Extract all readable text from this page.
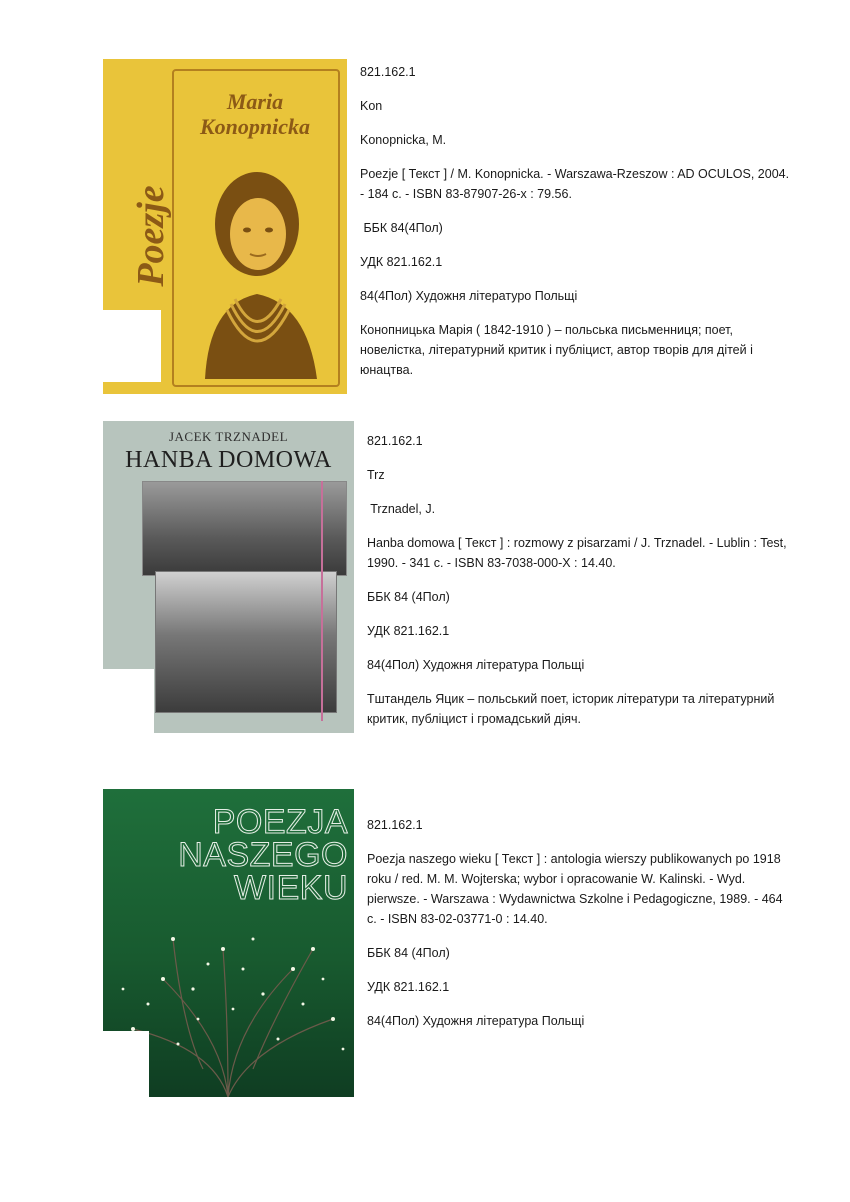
Maria Konopnicka
Poezje

821.162.1

Kon

Konopnicka, M.

Poezje [ Текст ] / M. Konopnicka. - Warszawa-Rzeszow : AD OCULOS, 2004. - 184 с. - ISBN 83-87907-26-x : 79.56.

ББК 84(4Пол)

УДК 821.162.1

84(4Пол) Художня літературо Польщі

Конопницька Марія ( 1842-1910 ) – польська письменниця; поет, новелістка, літературний критик і публіцист, автор творів для дітей і юнацтва.

JACEK TRZNADEL
HANBA DOMOWA

821.162.1

Trz

Trznadel, J.

Hanba domowa [ Текст ] : rozmowy z pisarzami / J. Trznadel. - Lublin : Test, 1990. - 341 с. - ISBN 83-7038-000-X : 14.40.

ББК 84 (4Пол)

УДК 821.162.1

84(4Пол) Художня література Польщі

Тштандель Яцик – польський поет, історик літератури та літературний критик, публіцист і громадський діяч.

POEZJA
NASZEGO
WIEKU

821.162.1

Poezja naszego wieku [ Текст ] : antologia wierszy publikowanych po 1918 roku / red. M. M. Wojterska; wybor i opracowanie W. Kalinski. - Wyd. pierwsze. - Warszawa : Wydawnictwa Szkolne i Pedagogiczne, 1989. - 464 с. - ISBN 83-02-03771-0 : 14.40.

ББК 84 (4Пол)

УДК 821.162.1

84(4Пол) Художня література Польщі
